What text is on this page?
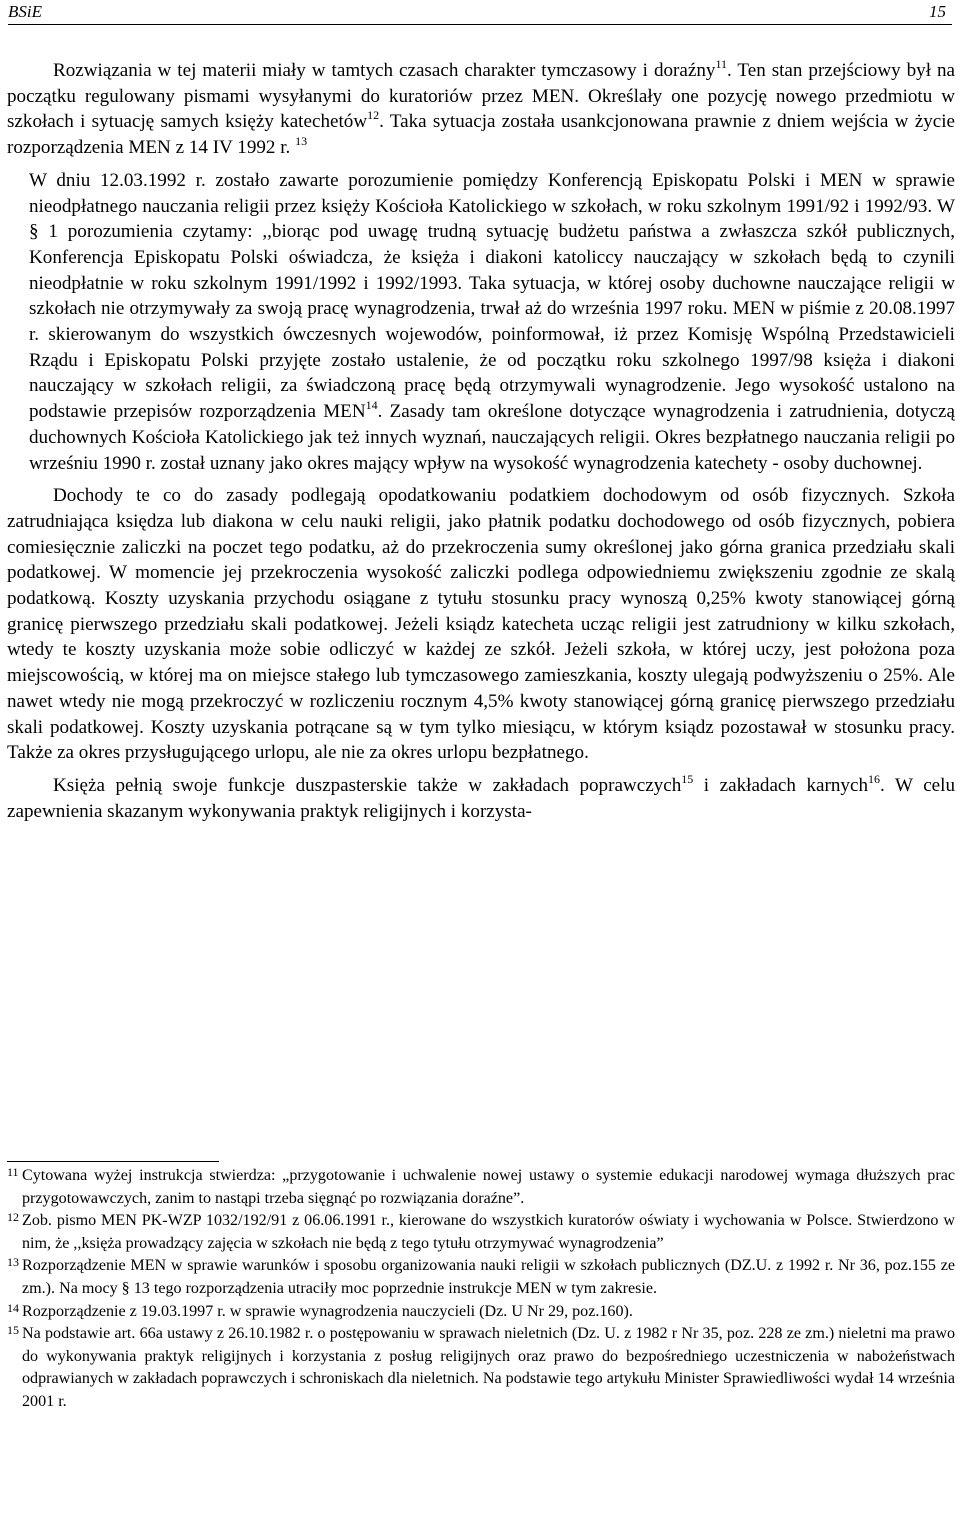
BSiE	15

Rozwiązania w tej materii miały w tamtych czasach charakter tymczasowy i doraźny$^{11}$. Ten stan przejściowy był na początku regulowany pismami wysyłanymi do kuratoriów przez MEN. Określały one pozycję nowego przedmiotu w szkołach i sytuację samych księży katechetów$^{12}$. Taka sytuacja została usankcjonowana prawnie z dniem wejścia w życie rozporządzenia MEN z 14 IV 1992 r. $^{13}$

W dniu 12.03.1992 r. zostało zawarte porozumienie pomiędzy Konferencją Episkopatu Polski i MEN w sprawie nieodpłatnego nauczania religii przez księży Kościoła Katolickiego w szkołach, w roku szkolnym 1991/92 i 1992/93. W § 1 porozumienia czytamy: ,,biorąc pod uwagę trudną sytuację budżetu państwa a zwłaszcza szkół publicznych, Konferencja Episkopatu Polski oświadcza, że księża i diakoni katoliccy nauczający w szkołach będą to czynili nieodpłatnie w roku szkolnym 1991/1992 i 1992/1993. Taka sytuacja, w której osoby duchowne nauczające religii w szkołach nie otrzymywały za swoją pracę wynagrodzenia, trwał aż do września 1997 roku. MEN w piśmie z 20.08.1997 r. skierowanym do wszystkich ówczesnych wojewodów, poinformował, iż przez Komisję Wspólną Przedstawicieli Rządu i Episkopatu Polski przyjęte zostało ustalenie, że od początku roku szkolnego 1997/98 księża i diakoni nauczający w szkołach religii, za świadczoną pracę będą otrzymywali wynagrodzenie. Jego wysokość ustalono na podstawie przepisów rozporządzenia MEN$^{14}$. Zasady tam określone dotyczące wynagrodzenia i zatrudnienia, dotyczą duchownych Kościoła Katolickiego jak też innych wyznań, nauczających religii. Okres bezpłatnego nauczania religii po wrześniu 1990 r. został uznany jako okres mający wpływ na wysokość wynagrodzenia katechety - osoby duchownej.

Dochody te co do zasady podlegają opodatkowaniu podatkiem dochodowym od osób fizycznych. Szkoła zatrudniająca księdza lub diakona w celu nauki religii, jako płatnik podatku dochodowego od osób fizycznych, pobiera comiesięcznie zaliczki na poczet tego podatku, aż do przekroczenia sumy określonej jako górna granica przedziału skali podatkowej. W momencie jej przekroczenia wysokość zaliczki podlega odpowiedniemu zwiększeniu zgodnie ze skalą podatkową. Koszty uzyskania przychodu osiągane z tytułu stosunku pracy wynoszą 0,25% kwoty stanowiącej górną granicę pierwszego przedziału skali podatkowej. Jeżeli ksiądz katecheta ucząc religii jest zatrudniony w kilku szkołach, wtedy te koszty uzyskania może sobie odliczyć w każdej ze szkół. Jeżeli szkoła, w której uczy, jest położona poza miejscowością, w której ma on miejsce stałego lub tymczasowego zamieszkania, koszty ulegają podwyższeniu o 25%. Ale nawet wtedy nie mogą przekroczyć w rozliczeniu rocznym 4,5% kwoty stanowiącej górną granicę pierwszego przedziału skali podatkowej. Koszty uzyskania potrącane są w tym tylko miesiącu, w którym ksiądz pozostawał w stosunku pracy. Także za okres przysługującego urlopu, ale nie za okres urlopu bezpłatnego.

Księża pełnią swoje funkcje duszpasterskie także w zakładach poprawczych$^{15}$ i zakładach karnych$^{16}$. W celu zapewnienia skazanym wykonywania praktyk religijnych i korzysta-

11 Cytowana wyżej instrukcja stwierdza: „przygotowanie i uchwalenie nowej ustawy o systemie edukacji narodowej wymaga dłuższych prac przygotowawczych, zanim to nastąpi trzeba sięgnąć po rozwiązania doraźne”.
12 Zob. pismo MEN PK-WZP 1032/192/91 z 06.06.1991 r., kierowane do wszystkich kuratorów oświaty i wychowania w Polsce. Stwierdzono w nim, że ,,księża prowadzący zajęcia w szkołach nie będą z tego tytułu otrzymywać wynagrodzenia”
13 Rozporządzenie MEN w sprawie warunków i sposobu organizowania nauki religii w szkołach publicznych (DZ.U. z 1992 r. Nr 36, poz.155 ze zm.). Na mocy § 13 tego rozporządzenia utraciły moc poprzednie instrukcje MEN w tym zakresie.
14 Rozporządzenie z 19.03.1997 r. w sprawie wynagrodzenia nauczycieli (Dz. U Nr 29, poz.160).
15 Na podstawie art. 66a ustawy z 26.10.1982 r. o postępowaniu w sprawach nieletnich (Dz. U. z 1982 r Nr 35, poz. 228 ze zm.) nieletni ma prawo do wykonywania praktyk religijnych i korzystania z posług religijnych oraz prawo do bezpośredniego uczestniczenia w nabożeństwach odprawianych w zakładach poprawczych i schroniskach dla nieletnich. Na podstawie tego artykułu Minister Sprawiedliwości wydał 14 września 2001 r.
